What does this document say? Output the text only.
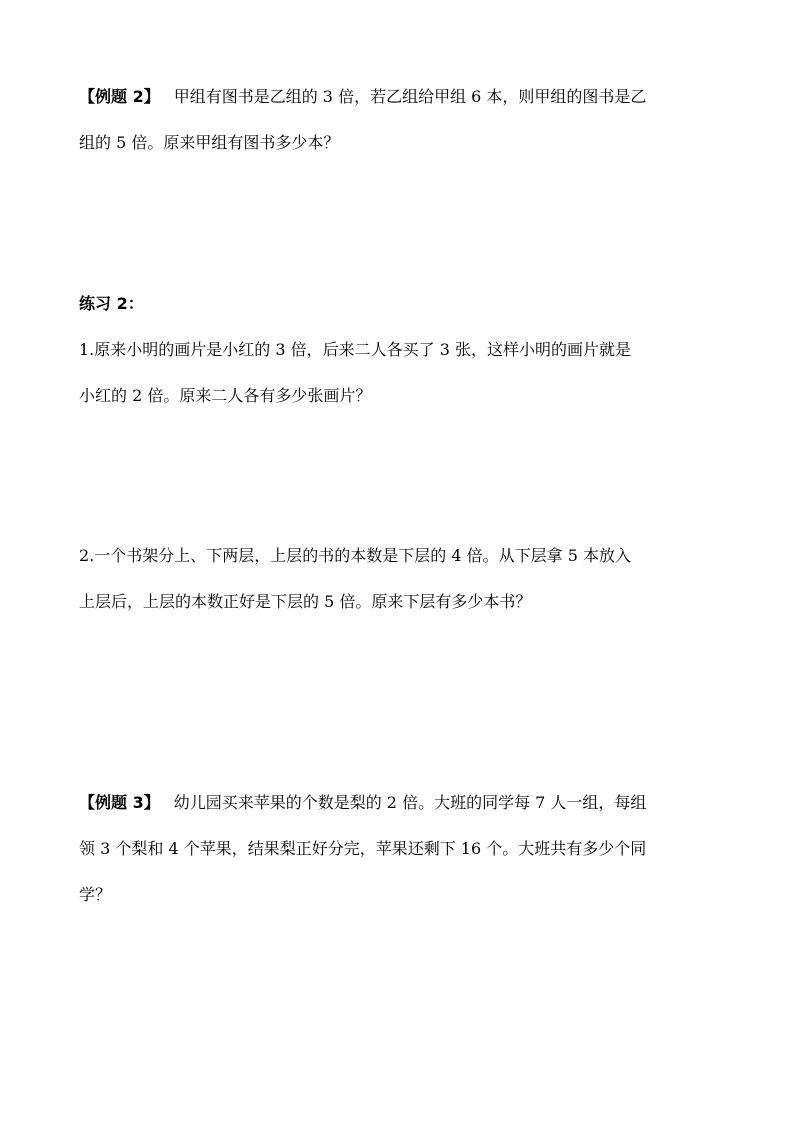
【例题 2】 甲组有图书是乙组的 3 倍，若乙组给甲组 6 本，则甲组的图书是乙
组的 5 倍。原来甲组有图书多少本？
练习 2：
1.原来小明的画片是小红的 3 倍，后来二人各买了 3 张，这样小明的画片就是
小红的 2 倍。原来二人各有多少张画片？
2.一个书架分上、下两层，上层的书的本数是下层的 4 倍。从下层拿 5 本放入
上层后，上层的本数正好是下层的 5 倍。原来下层有多少本书？
【例题 3】 幼儿园买来苹果的个数是梨的 2 倍。大班的同学每 7 人一组，每组
领 3 个梨和 4 个苹果，结果梨正好分完，苹果还剩下 16 个。大班共有多少个同
学？
